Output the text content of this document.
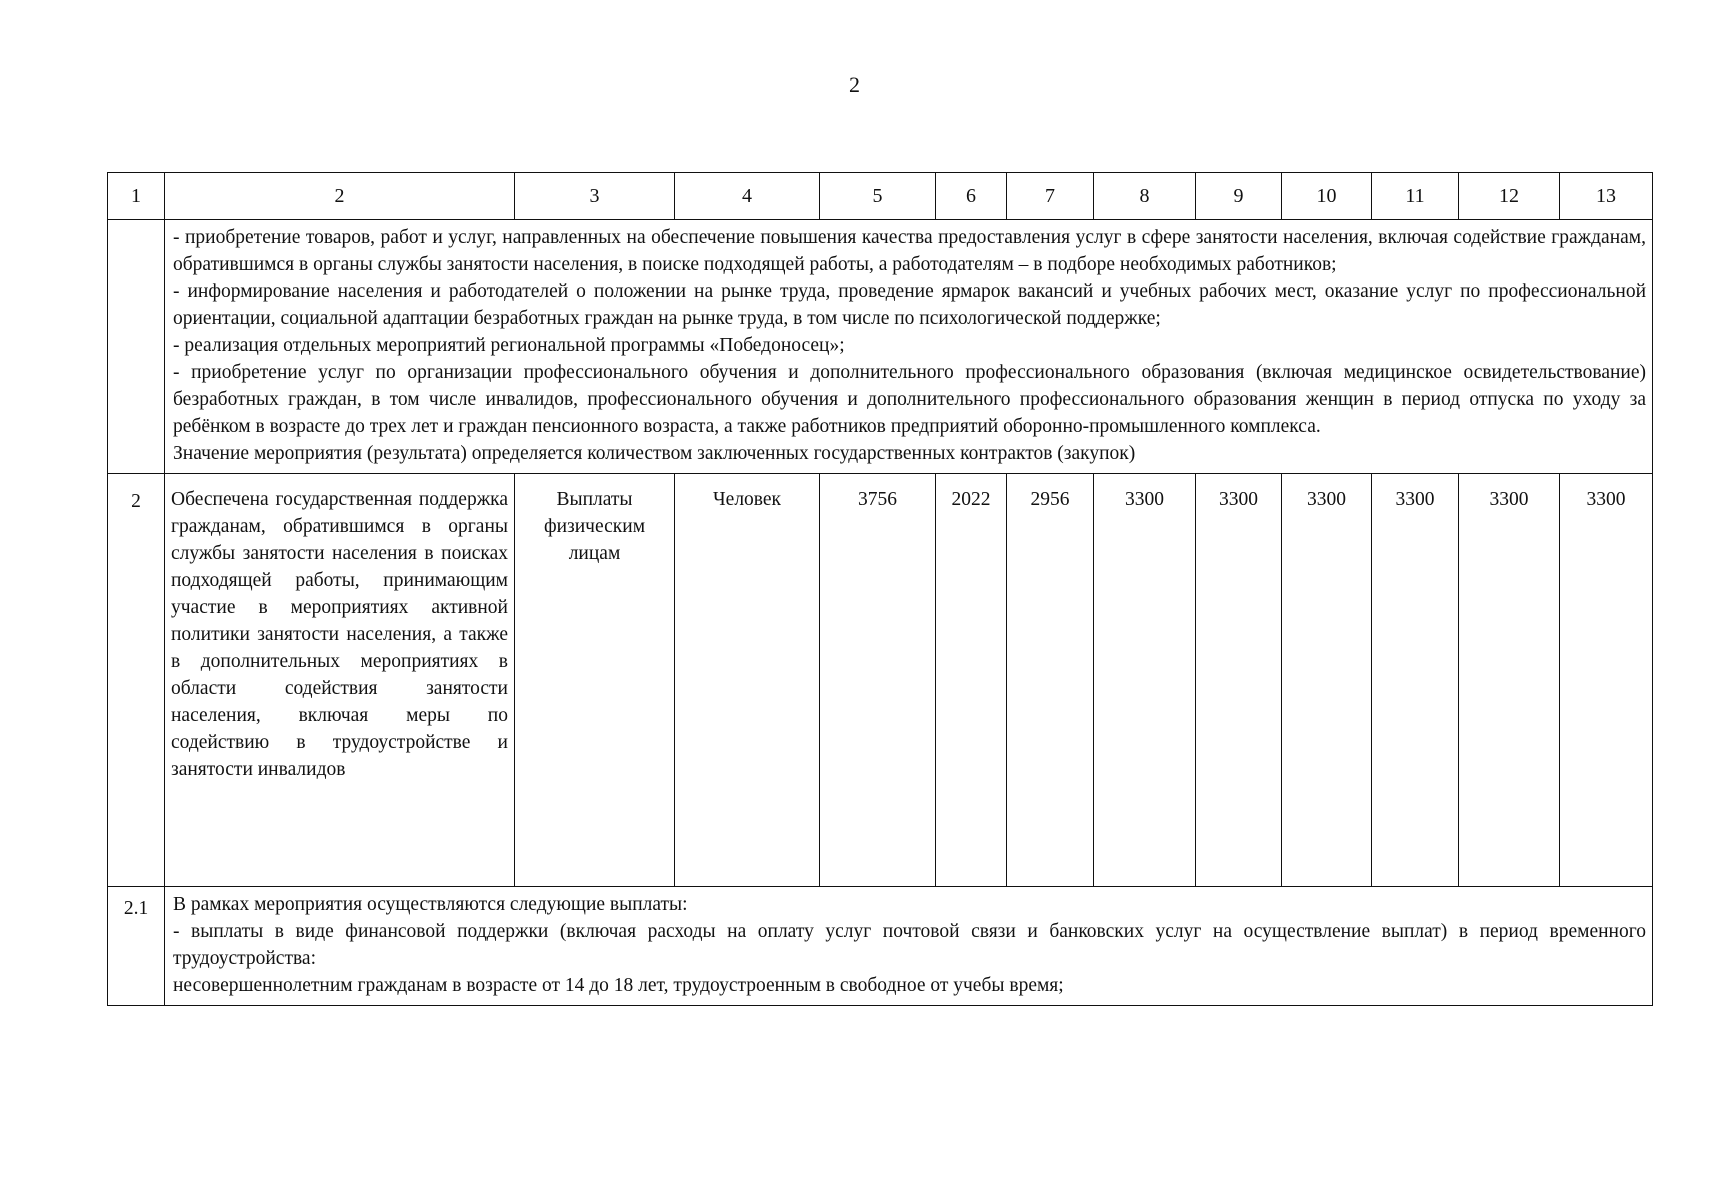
2
1	2	3	4	5	6	7	8	9	10	11	12	13

	- приобретение товаров, работ и услуг, направленных на обеспечение повышения качества предоставления услуг в сфере занятости населения, включая содействие гражданам, обратившимся в органы службы занятости населения, в поиске подходящей работы, а работодателям – в подборе необходимых работников;

- информирование населения и работодателей о положении на рынке труда, проведение ярмарок вакансий и учебных рабочих мест, оказание услуг по профессиональной ориентации, социальной адаптации безработных граждан на рынке труда, в том числе по психологической поддержке;

- реализация отдельных мероприятий региональной программы «Победоносец»;

- приобретение услуг по организации профессионального обучения и дополнительного профессионального образования (включая медицинское освидетельствование) безработных граждан, в том числе инвалидов, профессионального обучения и дополнительного профессионального образования женщин в период отпуска по уходу за ребёнком в возрасте до трех лет и граждан пенсионного возраста, а также работников предприятий оборонно-промышленного комплекса.

Значение мероприятия (результата) определяется количеством заключенных государственных контрактов (закупок)											

2	Обеспечена государственная поддержка гражданам, обратившимся в органы службы занятости населения в поисках подходящей работы, принимающим участие в мероприятиях активной политики занятости населения, а также в дополнительных мероприятиях в области содействия занятости населения, включая меры по содействию в трудоустройстве и занятости инвалидов	Выплаты физическим лицам	Человек	3756	2022	2956	3300	3300	3300	3300	3300	3300
2.1	В рамках мероприятия осуществляются следующие выплаты:

- выплаты в виде финансовой поддержки (включая расходы на оплату услуг почтовой связи и банковских услуг на осуществление выплат) в период временного трудоустройства:

несовершеннолетним гражданам в возрасте от 14 до 18 лет, трудоустроенным в свободное от учебы время;											
